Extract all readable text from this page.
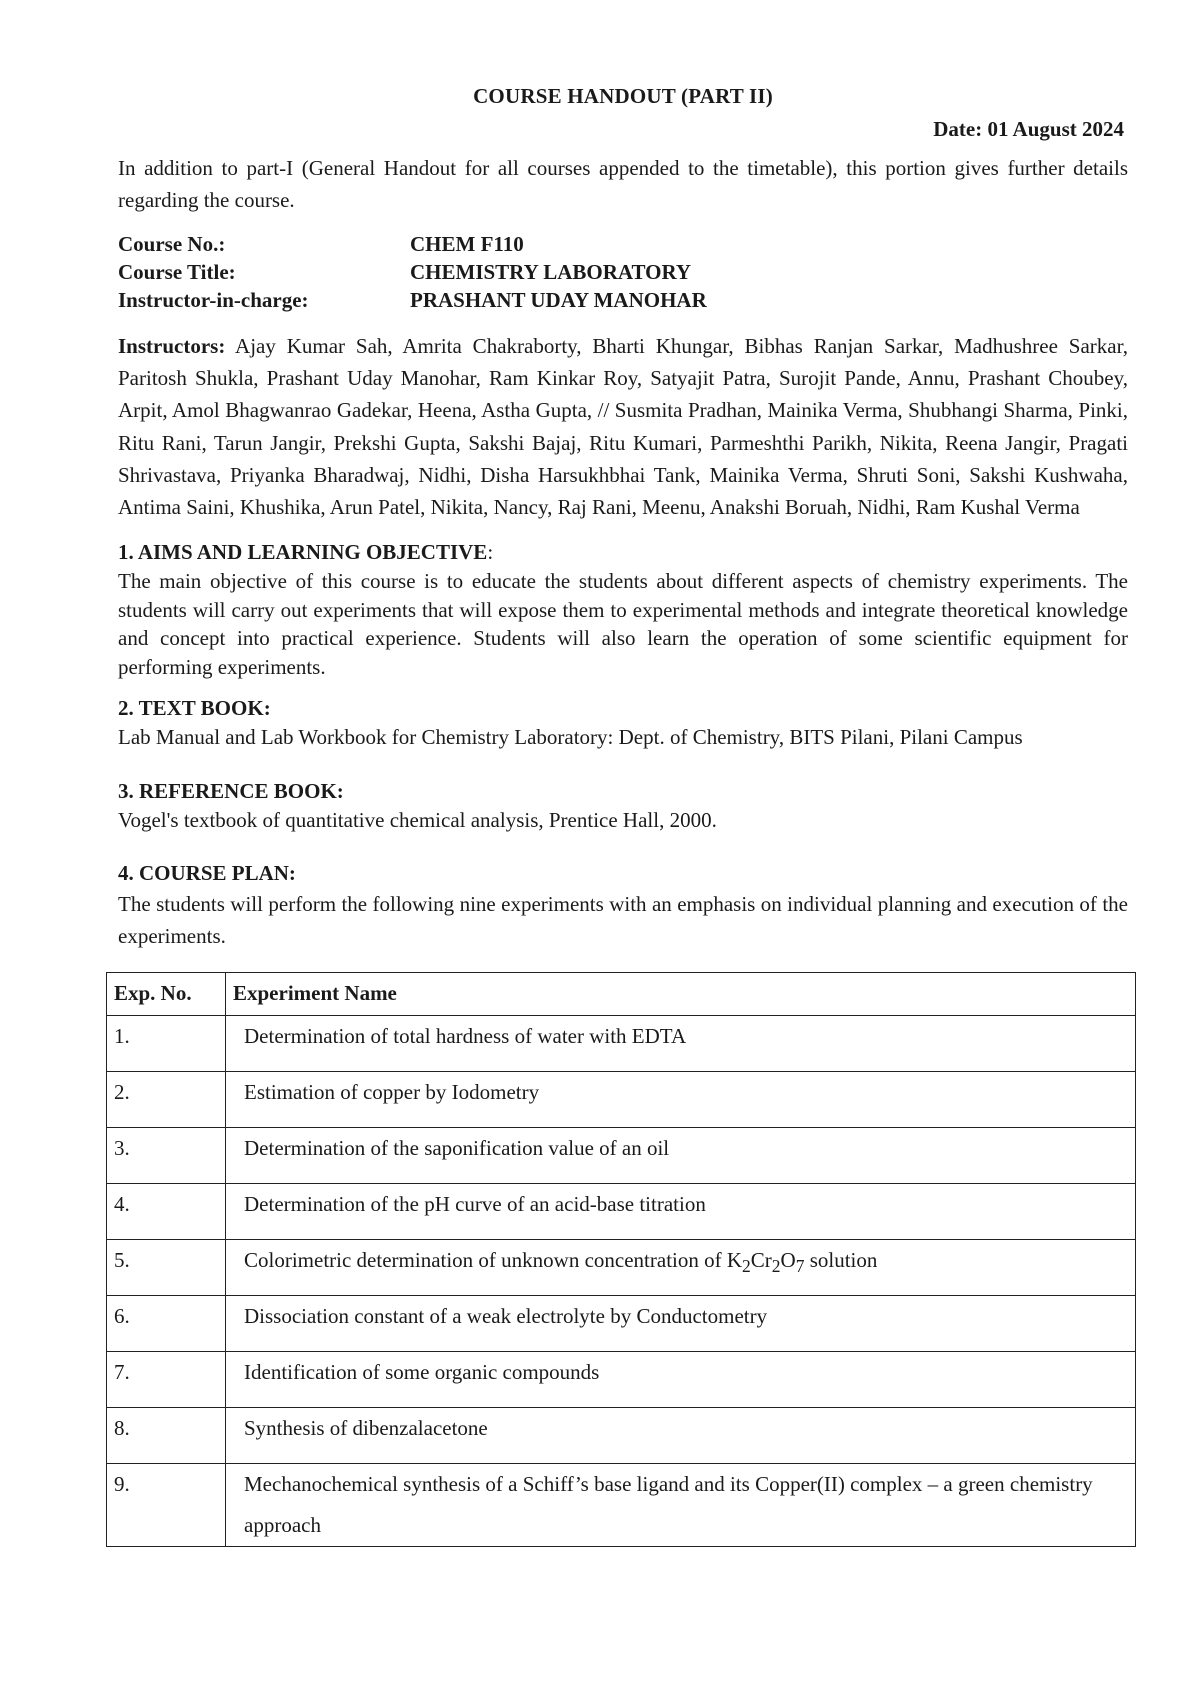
COURSE HANDOUT (PART II)
Date: 01 August 2024

In addition to part-I (General Handout for all courses appended to the timetable), this portion gives further details regarding the course.

Course No.:	CHEM F110
Course Title:	CHEMISTRY LABORATORY
Instructor-in-charge:	PRASHANT UDAY MANOHAR

Instructors: Ajay Kumar Sah, Amrita Chakraborty, Bharti Khungar, Bibhas Ranjan Sarkar, Madhushree Sarkar, Paritosh Shukla, Prashant Uday Manohar, Ram Kinkar Roy, Satyajit Patra, Surojit Pande, Annu, Prashant Choubey, Arpit, Amol Bhagwanrao Gadekar, Heena, Astha Gupta, // Susmita Pradhan, Mainika Verma, Shubhangi Sharma, Pinki, Ritu Rani, Tarun Jangir, Prekshi Gupta, Sakshi Bajaj, Ritu Kumari, Parmeshthi Parikh, Nikita, Reena Jangir, Pragati Shrivastava, Priyanka Bharadwaj, Nidhi, Disha Harsukhbhai Tank, Mainika Verma, Shruti Soni, Sakshi Kushwaha, Antima Saini, Khushika, Arun Patel, Nikita, Nancy, Raj Rani, Meenu, Anakshi Boruah, Nidhi, Ram Kushal Verma

1. AIMS AND LEARNING OBJECTIVE:

The main objective of this course is to educate the students about different aspects of chemistry experiments. The students will carry out experiments that will expose them to experimental methods and integrate theoretical knowledge and concept into practical experience. Students will also learn the operation of some scientific equipment for performing experiments.

2. TEXT BOOK:

Lab Manual and Lab Workbook for Chemistry Laboratory: Dept. of Chemistry, BITS Pilani, Pilani Campus

3. REFERENCE BOOK:

Vogel's textbook of quantitative chemical analysis, Prentice Hall, 2000.

4. COURSE PLAN:

The students will perform the following nine experiments with an emphasis on individual planning and execution of the experiments.

Exp. No.	Experiment Name
1.	Determination of total hardness of water with EDTA
2.	Estimation of copper by Iodometry
3.	Determination of the saponification value of an oil
4.	Determination of the pH curve of an acid-base titration
5.	Colorimetric determination of unknown concentration of $K_2Cr_2O_7$ solution
6.	Dissociation constant of a weak electrolyte by Conductometry
7.	Identification of some organic compounds
8.	Synthesis of dibenzalacetone
9.	Mechanochemical synthesis of a Schiff’s base ligand and its Copper(II) complex – a green chemistry approach
